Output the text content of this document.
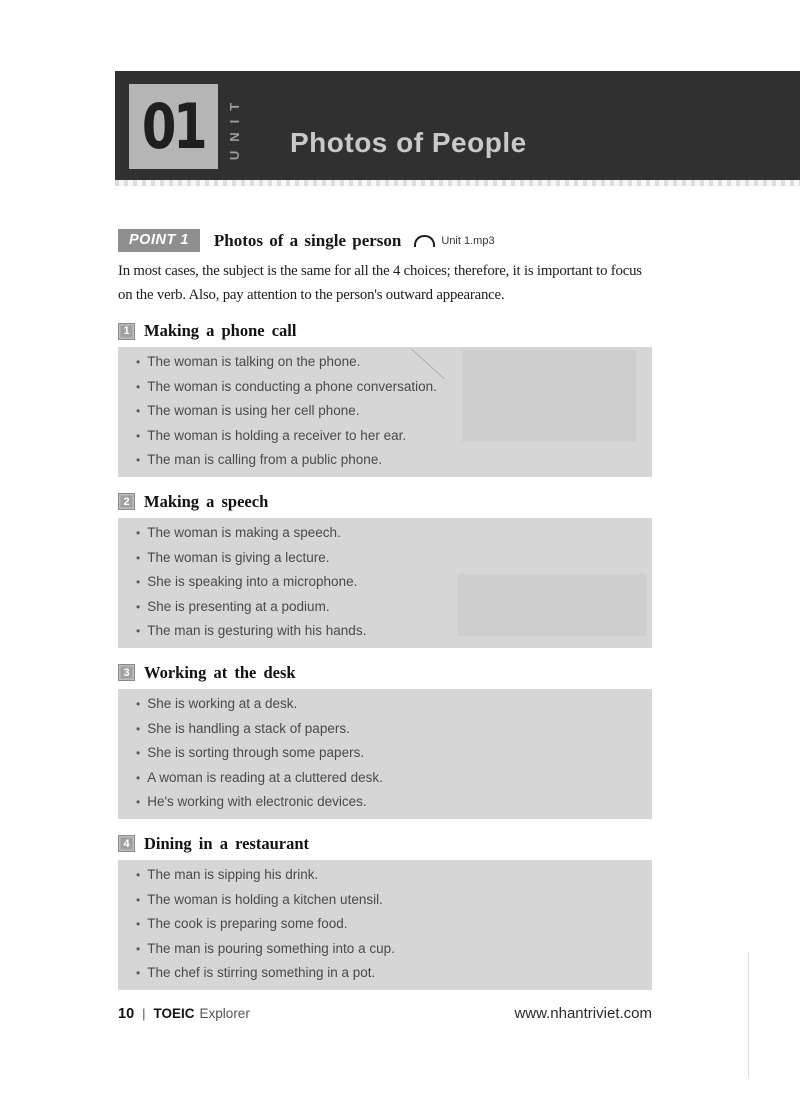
01 UNIT Photos of People
POINT 1	Photos of a single person	Unit 1.mp3

In most cases, the subject is the same for all the 4 choices; therefore, it is important to focus on the verb. Also, pay attention to the person's outward appearance.

1 Making a phone call
• The woman is talking on the phone.
• The woman is conducting a phone conversation.
• The woman is using her cell phone.
• The woman is holding a receiver to her ear.
• The man is calling from a public phone.
2 Making a speech
• The woman is making a speech.
• The woman is giving a lecture.
• She is speaking into a microphone.
• She is presenting at a podium.
• The man is gesturing with his hands.
3 Working at the desk
• She is working at a desk.
• She is handling a stack of papers.
• She is sorting through some papers.
• A woman is reading at a cluttered desk.
• He's working with electronic devices.
4 Dining in a restaurant
• The man is sipping his drink.
• The woman is holding a kitchen utensil.
• The cook is preparing some food.
• The man is pouring something into a cup.
• The chef is stirring something in a pot.
10 | TOEIC Explorer	www.nhantriviet.com
